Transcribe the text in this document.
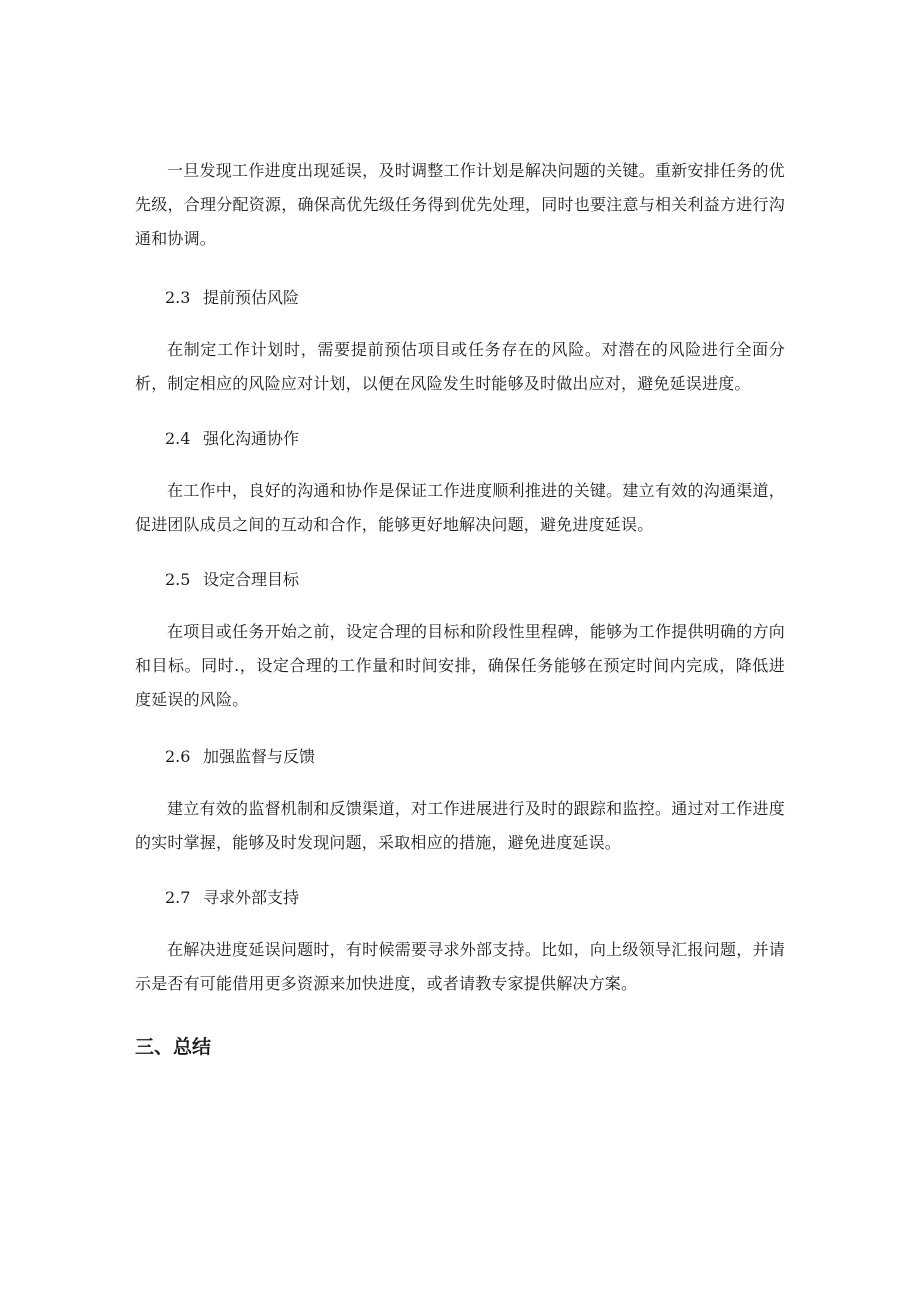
一旦发现工作进度出现延误，及时调整工作计划是解决问题的关键。重新安排任务的优先级，合理分配资源，确保高优先级任务得到优先处理，同时也要注意与相关利益方进行沟通和协调。

2.3 提前预估风险

在制定工作计划时，需要提前预估项目或任务存在的风险。对潜在的风险进行全面分析，制定相应的风险应对计划，以便在风险发生时能够及时做出应对，避免延误进度。

2.4 强化沟通协作

在工作中，良好的沟通和协作是保证工作进度顺利推进的关键。建立有效的沟通渠道，促进团队成员之间的互动和合作，能够更好地解决问题，避免进度延误。

2.5 设定合理目标

在项目或任务开始之前，设定合理的目标和阶段性里程碑，能够为工作提供明确的方向和目标。同时.，设定合理的工作量和时间安排，确保任务能够在预定时间内完成，降低进度延误的风险。

2.6 加强监督与反馈

建立有效的监督机制和反馈渠道，对工作进展进行及时的跟踪和监控。通过对工作进度的实时掌握，能够及时发现问题，采取相应的措施，避免进度延误。

2.7 寻求外部支持

在解决进度延误问题时，有时候需要寻求外部支持。比如，向上级领导汇报问题，并请示是否有可能借用更多资源来加快进度，或者请教专家提供解决方案。

三、总结
